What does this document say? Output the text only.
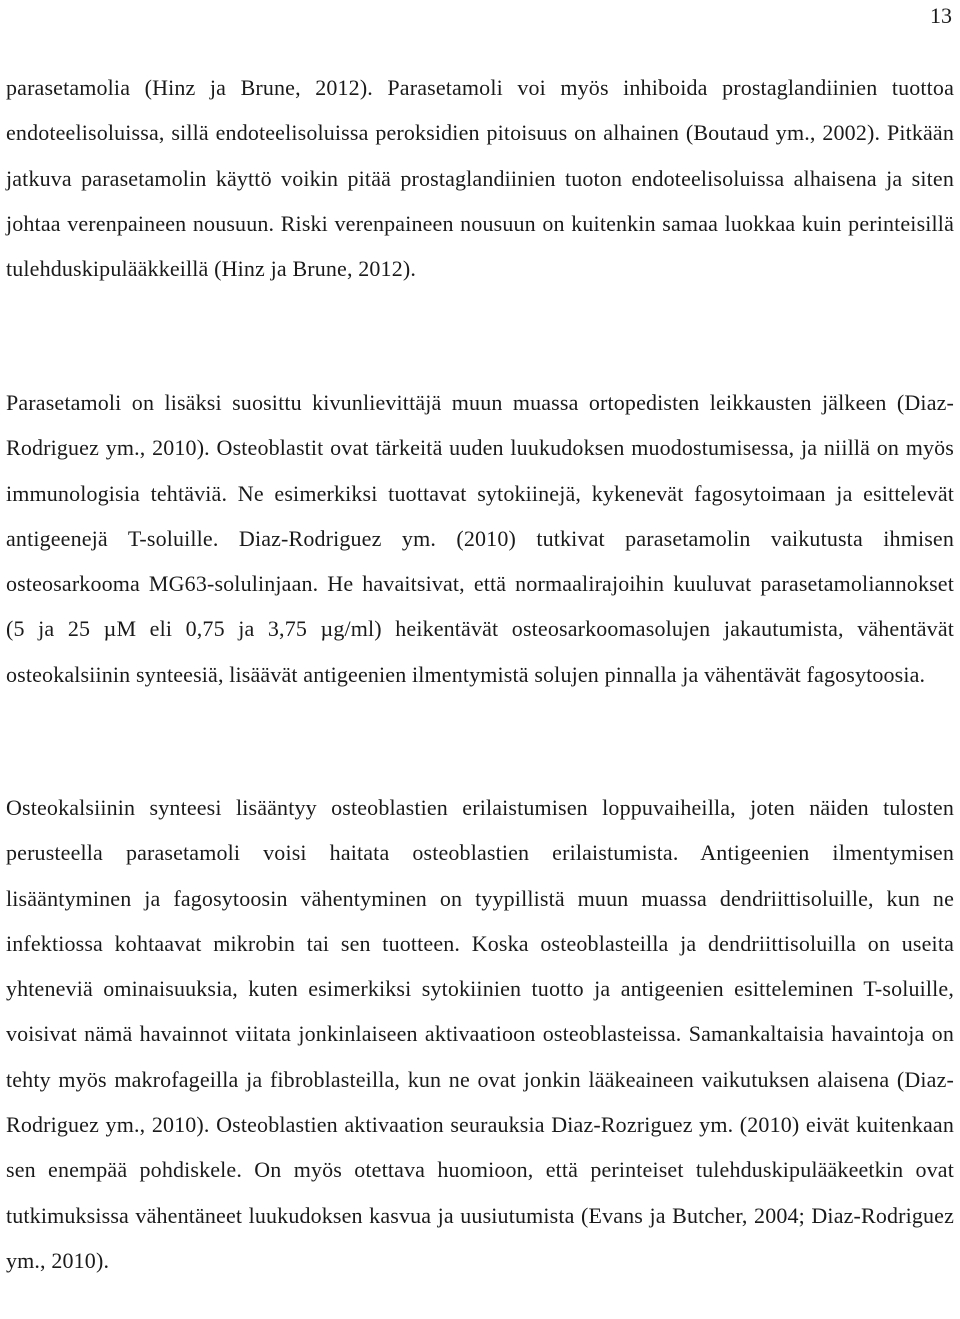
13

parasetamolia (Hinz ja Brune, 2012). Parasetamoli voi myös inhiboida prostaglandiinien tuottoa endoteelisoluissa, sillä endoteelisoluissa peroksidien pitoisuus on alhainen (Boutaud ym., 2002). Pitkään jatkuva parasetamolin käyttö voikin pitää prostaglandiinien tuoton endoteelisoluissa alhaisena ja siten johtaa verenpaineen nousuun. Riski verenpaineen nousuun on kuitenkin samaa luokkaa kuin perinteisillä tulehduskipulääkkeillä (Hinz ja Brune, 2012).

Parasetamoli on lisäksi suosittu kivunlievittäjä muun muassa ortopedisten leikkausten jälkeen (Diaz-Rodriguez ym., 2010). Osteoblastit ovat tärkeitä uuden luukudoksen muodostumisessa, ja niillä on myös immunologisia tehtäviä. Ne esimerkiksi tuottavat sytokiinejä, kykenevät fagosytoimaan ja esittelevät antigeenejä T-soluille. Diaz-Rodriguez ym. (2010) tutkivat parasetamolin vaikutusta ihmisen osteosarkooma MG63-solulinjaan. He havaitsivat, että normaalirajoihin kuuluvat parasetamoliannokset (5 ja 25 µM eli 0,75 ja 3,75 µg/ml) heikentävät osteosarkoomasolujen jakautumista, vähentävät osteokalsiinin synteesiä, lisäävät antigeenien ilmentymistä solujen pinnalla ja vähentävät fagosytoosia.

Osteokalsiinin synteesi lisääntyy osteoblastien erilaistumisen loppuvaiheilla, joten näiden tulosten perusteella parasetamoli voisi haitata osteoblastien erilaistumista. Antigeenien ilmentymisen lisääntyminen ja fagosytoosin vähentyminen on tyypillistä muun muassa dendriittisoluille, kun ne infektiossa kohtaavat mikrobin tai sen tuotteen. Koska osteoblasteilla ja dendriittisoluilla on useita yhteneviä ominaisuuksia, kuten esimerkiksi sytokiinien tuotto ja antigeenien esitteleminen T-soluille, voisivat nämä havainnot viitata jonkinlaiseen aktivaatioon osteoblasteissa. Samankaltaisia havaintoja on tehty myös makrofageilla ja fibroblasteilla, kun ne ovat jonkin lääkeaineen vaikutuksen alaisena (Diaz-Rodriguez ym., 2010). Osteoblastien aktivaation seurauksia Diaz-Rozriguez ym. (2010) eivät kuitenkaan sen enempää pohdiskele. On myös otettava huomioon, että perinteiset tulehduskipulääkeetkin ovat tutkimuksissa vähentäneet luukudoksen kasvua ja uusiutumista (Evans ja Butcher, 2004; Diaz-Rodriguez ym., 2010).
